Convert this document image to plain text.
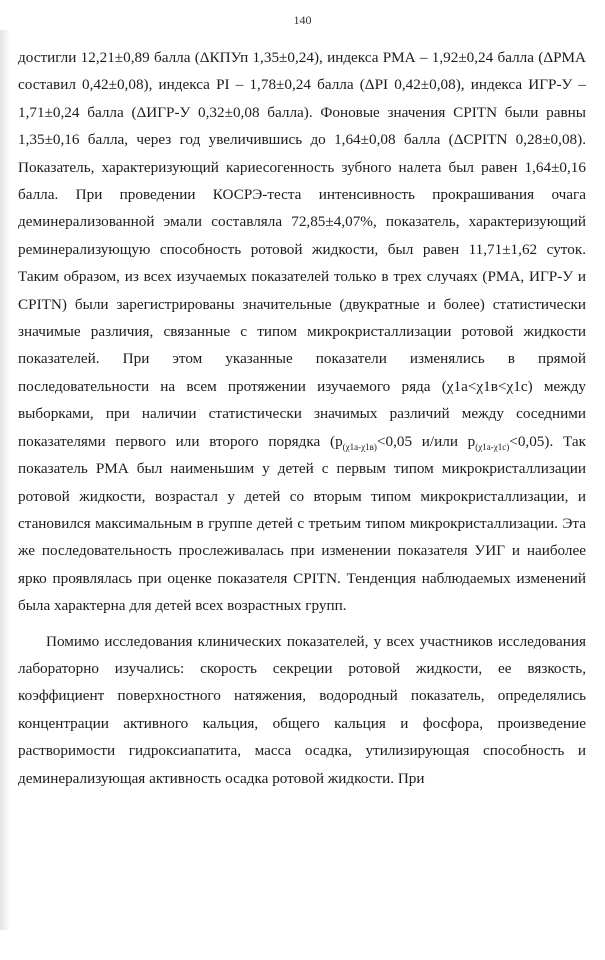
140

достигли 12,21±0,89 балла (ΔКПУп 1,35±0,24), индекса РМА – 1,92±0,24 балла (ΔРМА составил 0,42±0,08), индекса PI – 1,78±0,24 балла (ΔPI 0,42±0,08), индекса ИГР-У – 1,71±0,24 балла (ΔИГР-У 0,32±0,08 балла). Фоновые значения CPITN были равны 1,35±0,16 балла, через год увеличившись до 1,64±0,08 балла (ΔCPITN 0,28±0,08). Показатель, характеризующий кариесогенность зубного налета был равен 1,64±0,16 балла. При проведении КОСРЭ-теста интенсивность прокрашивания очага деминерализованной эмали составляла 72,85±4,07%, показатель, характеризующий реминерализующую способность ротовой жидкости, был равен 11,71±1,62 суток. Таким образом, из всех изучаемых показателей только в трех случаях (РМА, ИГР-У и CPITN) были зарегистрированы значительные (двукратные и более) статистически значимые различия, связанные с типом микрокристаллизации ротовой жидкости показателей. При этом указанные показатели изменялись в прямой последовательности на всем протяжении изучаемого ряда (χ1а<χ1в<χ1с) между выборками, при наличии статистически значимых различий между соседними показателями первого или второго порядка ($p_{(\chi 1а-\chi 1в)}<0,05$ и/или $p_{(\chi 1а-\chi 1с)}<0,05$). Так показатель РМА был наименьшим у детей с первым типом микрокристаллизации ротовой жидкости, возрастал у детей со вторым типом микрокристаллизации, и становился максимальным в группе детей с третьим типом микрокристаллизации. Эта же последовательность прослеживалась при изменении показателя УИГ и наиболее ярко проявлялась при оценке показателя CPITN. Тенденция наблюдаемых изменений была характерна для детей всех возрастных групп.

Помимо исследования клинических показателей, у всех участников исследования лабораторно изучались: скорость секреции ротовой жидкости, ее вязкость, коэффициент поверхностного натяжения, водородный показатель, определялись концентрации активного кальция, общего кальция и фосфора, произведение растворимости гидроксиапатита, масса осадка, утилизирующая способность и деминерализующая активность осадка ротовой жидкости. При
